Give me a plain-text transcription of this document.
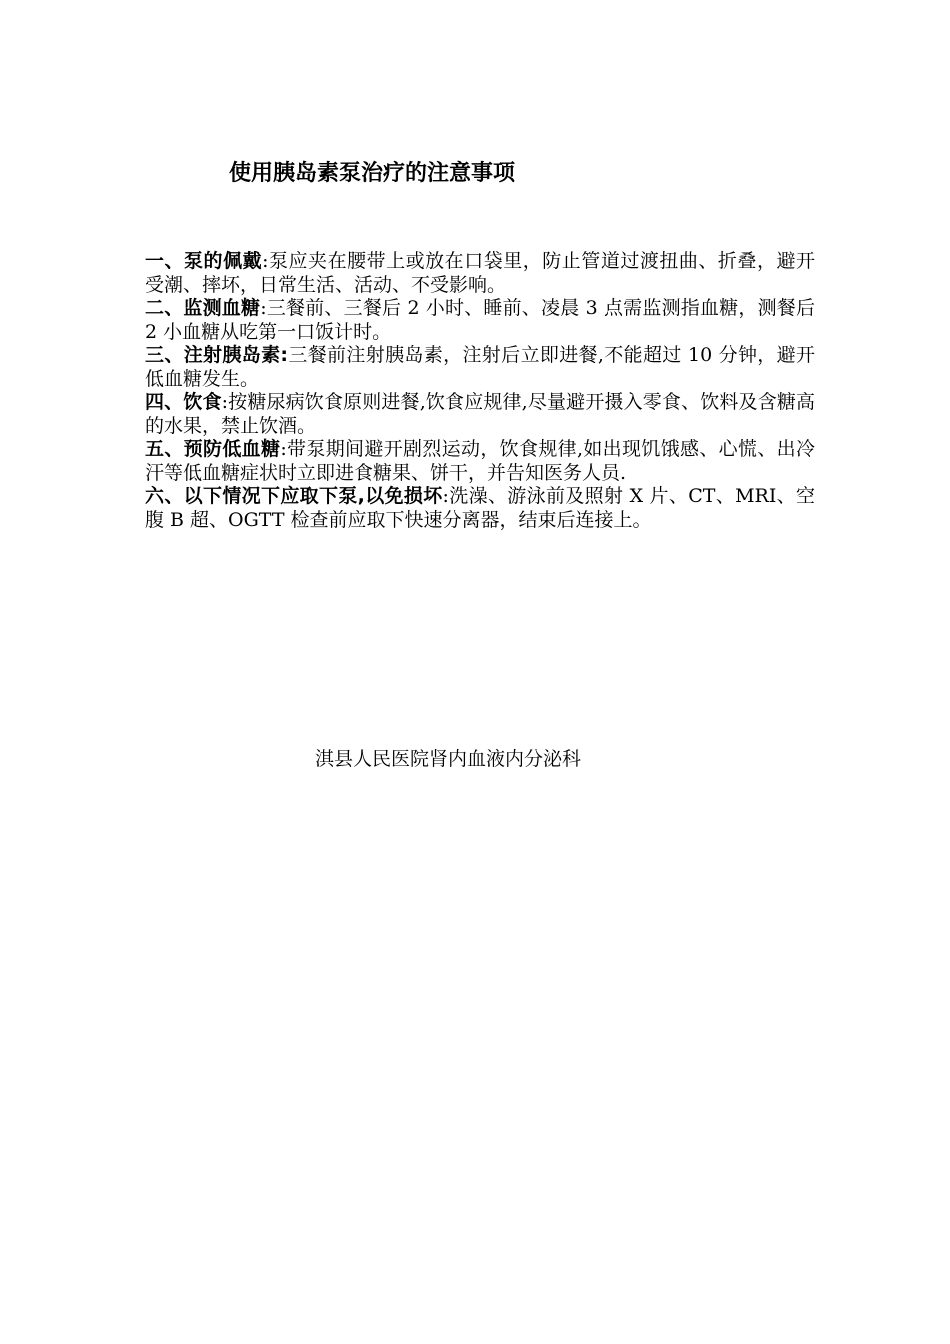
使用胰岛素泵治疗的注意事项

一、泵的佩戴:泵应夹在腰带上或放在口袋里，防止管道过渡扭曲、折叠，避开受潮、摔坏，日常生活、活动、不受影响。

二、监测血糖:三餐前、三餐后 2 小时、睡前、凌晨 3 点需监测指血糖，测餐后 2 小血糖从吃第一口饭计时。

三、注射胰岛素:三餐前注射胰岛素，注射后立即进餐,不能超过 10 分钟，避开低血糖发生。

四、饮食:按糖尿病饮食原则进餐,饮食应规律,尽量避开摄入零食、饮料及含糖高的水果，禁止饮酒。

五、预防低血糖:带泵期间避开剧烈运动，饮食规律,如出现饥饿感、心慌、出冷汗等低血糖症状时立即进食糖果、饼干，并告知医务人员.

六、以下情况下应取下泵,以免损坏:洗澡、游泳前及照射 X 片、CT、MRI、空腹 B 超、OGTT 检查前应取下快速分离器，结束后连接上。

淇县人民医院肾内血液内分泌科
